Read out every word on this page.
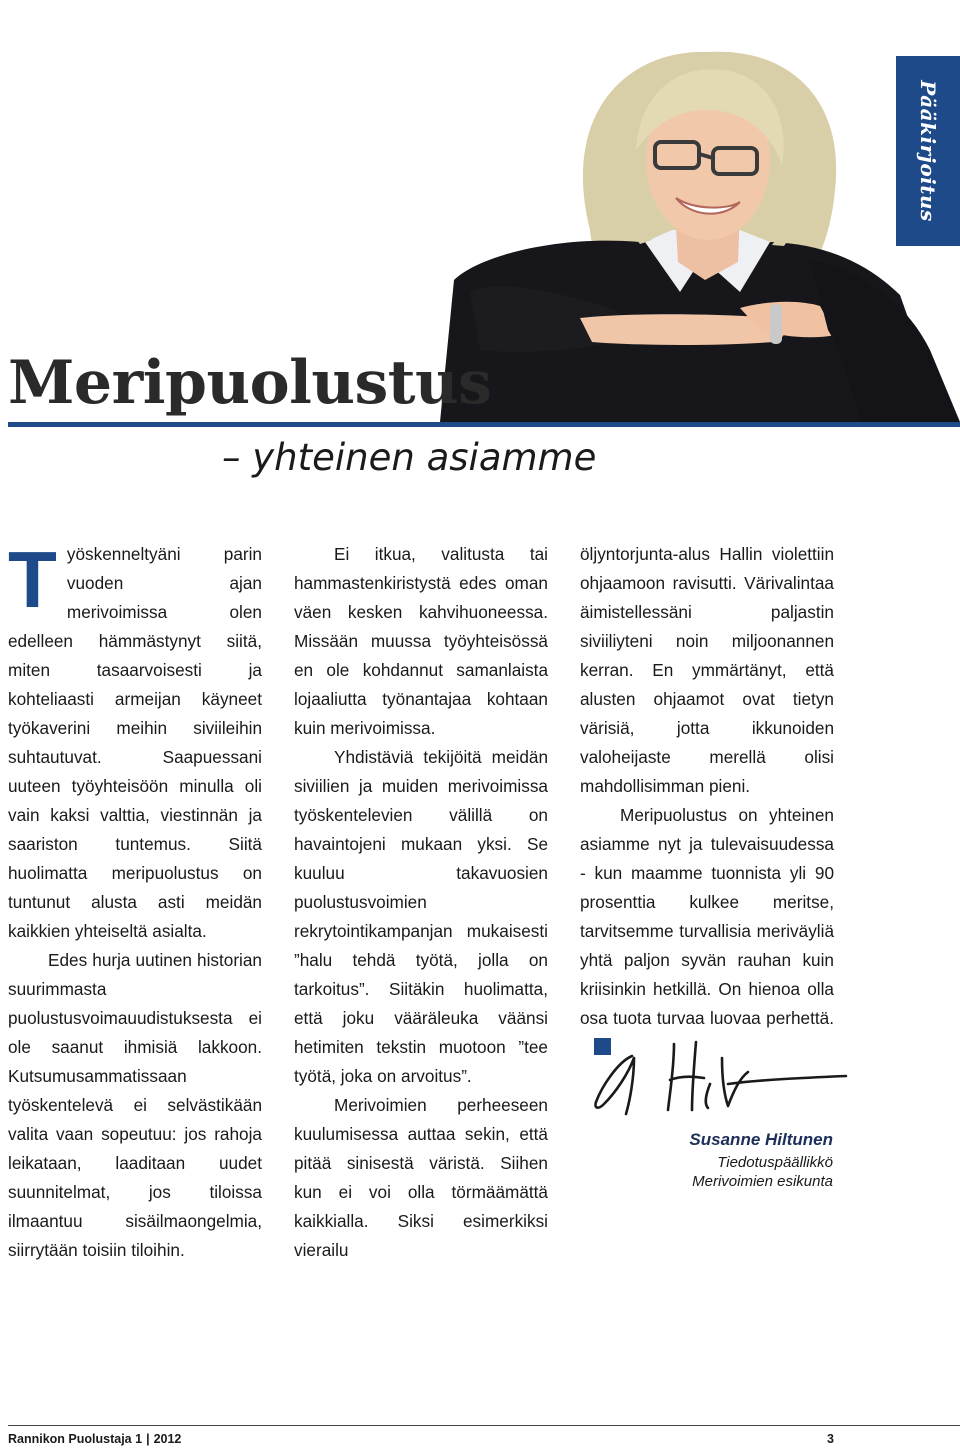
Pääkirjoitus
Meripuolustus
– yhteinen asiamme

Työskenneltyäni parin vuoden ajan merivoimissa olen edelleen hämmästynyt siitä, miten tasaarvoisesti ja kohteliaasti armeijan käyneet työkaverini meihin siviileihin suhtautuvat. Saapuessani uuteen työyhteisöön minulla oli vain kaksi valttia, viestinnän ja saariston tuntemus. Siitä huolimatta meripuolustus on tuntunut alusta asti meidän kaikkien yhteiseltä asialta.

Edes hurja uutinen historian suurimmasta puolustusvoimauudistuksesta ei ole saanut ihmisiä lakkoon. Kutsumusammatissaan työskentelevä ei selvästikään valita vaan sopeutuu: jos rahoja leikataan, laaditaan uudet suunnitelmat, jos tiloissa ilmaantuu sisäilmaongelmia, siirrytään toisiin tiloihin.

Ei itkua, valitusta tai hammastenkiristystä edes oman väen kesken kahvihuoneessa. Missään muussa työyhteisössä en ole kohdannut samanlaista lojaaliutta työnantajaa kohtaan kuin merivoimissa.

Yhdistäviä tekijöitä meidän siviilien ja muiden merivoimissa työskentelevien välillä on havaintojeni mukaan yksi. Se kuuluu takavuosien puolustusvoimien rekrytointikampanjan mukaisesti ”halu tehdä työtä, jolla on tarkoitus”. Siitäkin huolimatta, että joku vääräleuka väänsi hetimiten tekstin muotoon ”tee työtä, joka on arvoitus”.

Merivoimien perheeseen kuulumisessa auttaa sekin, että pitää sinisestä väristä. Siihen kun ei voi olla törmäämättä kaikkialla. Siksi esimerkiksi vierailu

öljyntorjunta-alus Hallin violettiin ohjaamoon ravisutti. Värivalintaa äimistellessäni paljastin siviiliyteni noin miljoonannen kerran. En ymmärtänyt, että alusten ohjaamot ovat tietyn värisiä, jotta ikkunoiden valoheijaste merellä olisi mahdollisimman pieni.

Meripuolustus on yhteinen asiamme nyt ja tulevaisuudessa - kun maamme tuonnista yli 90 prosenttia kulkee meritse, tarvitsemme turvallisia meriväyliä yhtä paljon syvän rauhan kuin kriisinkin hetkillä. On hienoa olla osa tuota turvaa luovaa perhettä.

Susanne Hiltunen
Tiedotuspäällikkö
Merivoimien esikunta
Rannikon Puolustaja 1 | 2012	3
